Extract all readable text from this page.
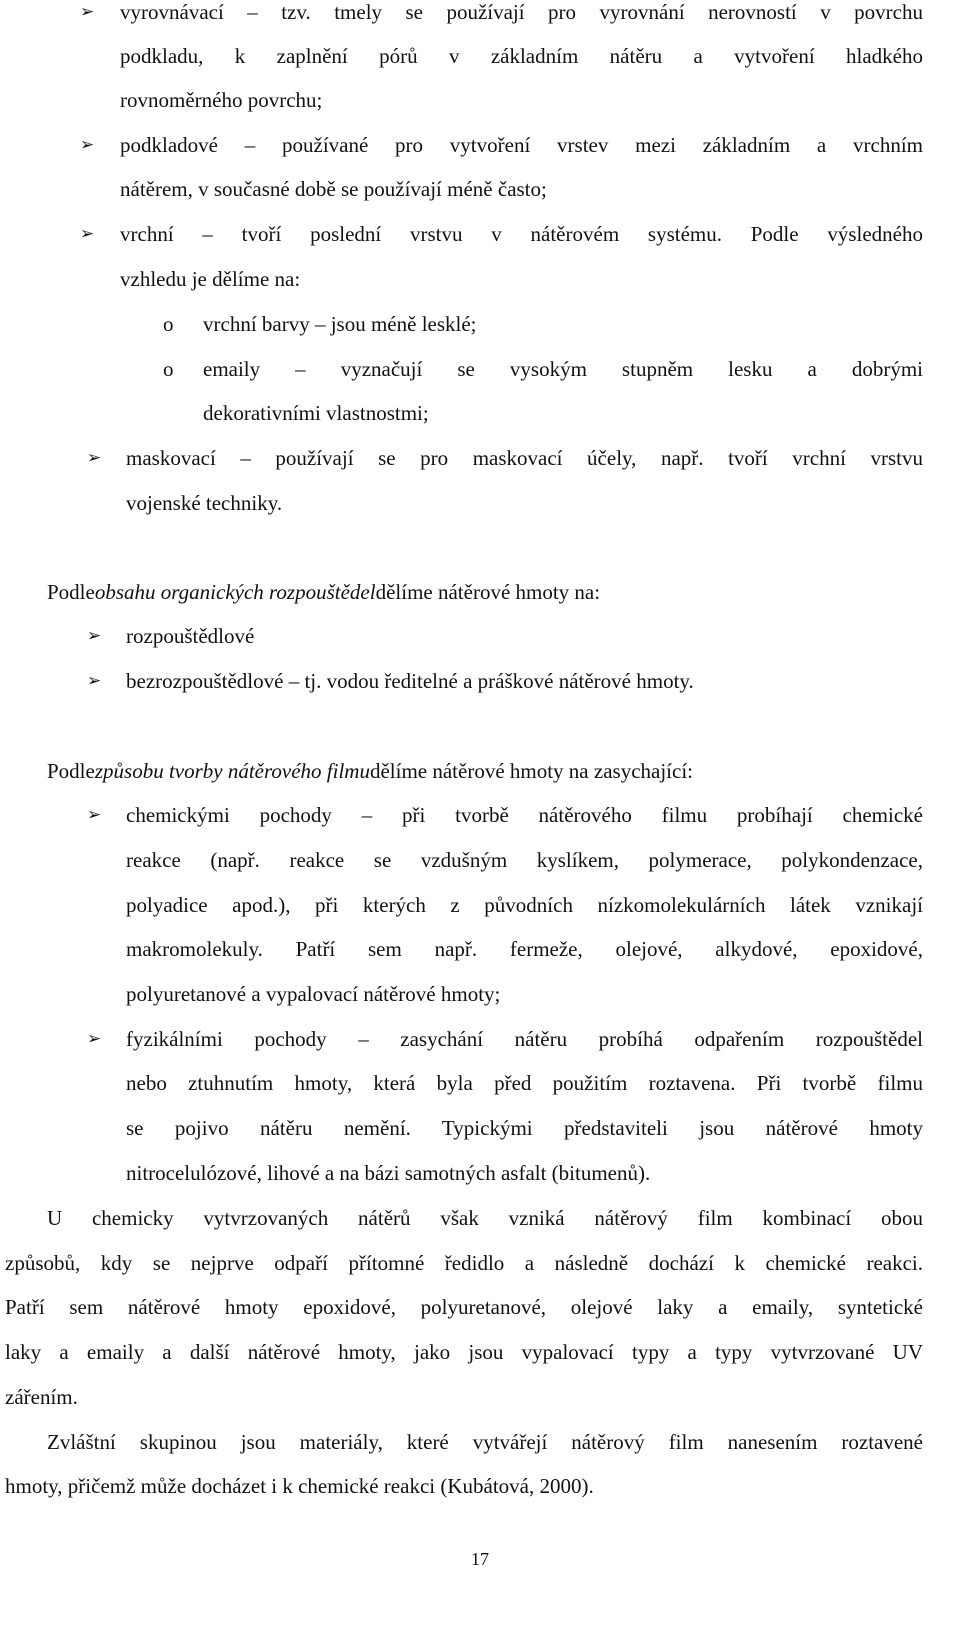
➢ vyrovnávací – tzv. tmely se používají pro vyrovnání nerovností v povrchu
podkladu, k zaplnění pórů v základním nátěru a vytvoření hladkého
rovnoměrného povrchu;
➢ podkladové – používané pro vytvoření vrstev mezi základním a vrchním
nátěrem, v současné době se používají méně často;
➢ vrchní – tvoří poslední vrstvu v nátěrovém systému. Podle výsledného
vzhledu je dělíme na:
o	vrchní barvy – jsou méně lesklé;
o	emaily – vyznačují se vysokým stupněm lesku a dobrými
dekorativními vlastnostmi;
➢ maskovací – používají se pro maskovací účely, např. tvoří vrchní vrstvu
vojenské techniky.
Podleobsahu organických rozpouštědeldělíme nátěrové hmoty na:
➢ rozpouštědlové
➢ bezrozpouštědlové – tj. vodou ředitelné a práškové nátěrové hmoty.
Podlezpůsobu tvorby nátěrového filmudělíme nátěrové hmoty na zasychající:
➢ chemickými pochody – při tvorbě nátěrového filmu probíhají chemické
reakce (např. reakce se vzdušným kyslíkem, polymerace, polykondenzace,
polyadice apod.), při kterých z původních nízkomolekulárních látek vznikají
makromolekuly. Patří sem např. fermeže, olejové, alkydové, epoxidové,
polyuretanové a vypalovací nátěrové hmoty;
➢ fyzikálními pochody – zasychání nátěru probíhá odpařením rozpouštědel
nebo ztuhnutím hmoty, která byla před použitím roztavena. Při tvorbě filmu
se pojivo nátěru nemění. Typickými představiteli jsou nátěrové hmoty
nitrocelulózové, lihové a na bázi samotných asfalt (bitumenů).
U chemicky vytvrzovaných nátěrů však vzniká nátěrový film kombinací obou
způsobů, kdy se nejprve odpaří přítomné ředidlo a následně dochází k chemické reakci.
Patří sem nátěrové hmoty epoxidové, polyuretanové, olejové laky a emaily, syntetické
laky a emaily a další nátěrové hmoty, jako jsou vypalovací typy a typy vytvrzované UV
zářením.
Zvláštní skupinou jsou materiály, které vytvářejí nátěrový film nanesením roztavené
hmoty, přičemž může docházet i k chemické reakci (Kubátová, 2000).
17
